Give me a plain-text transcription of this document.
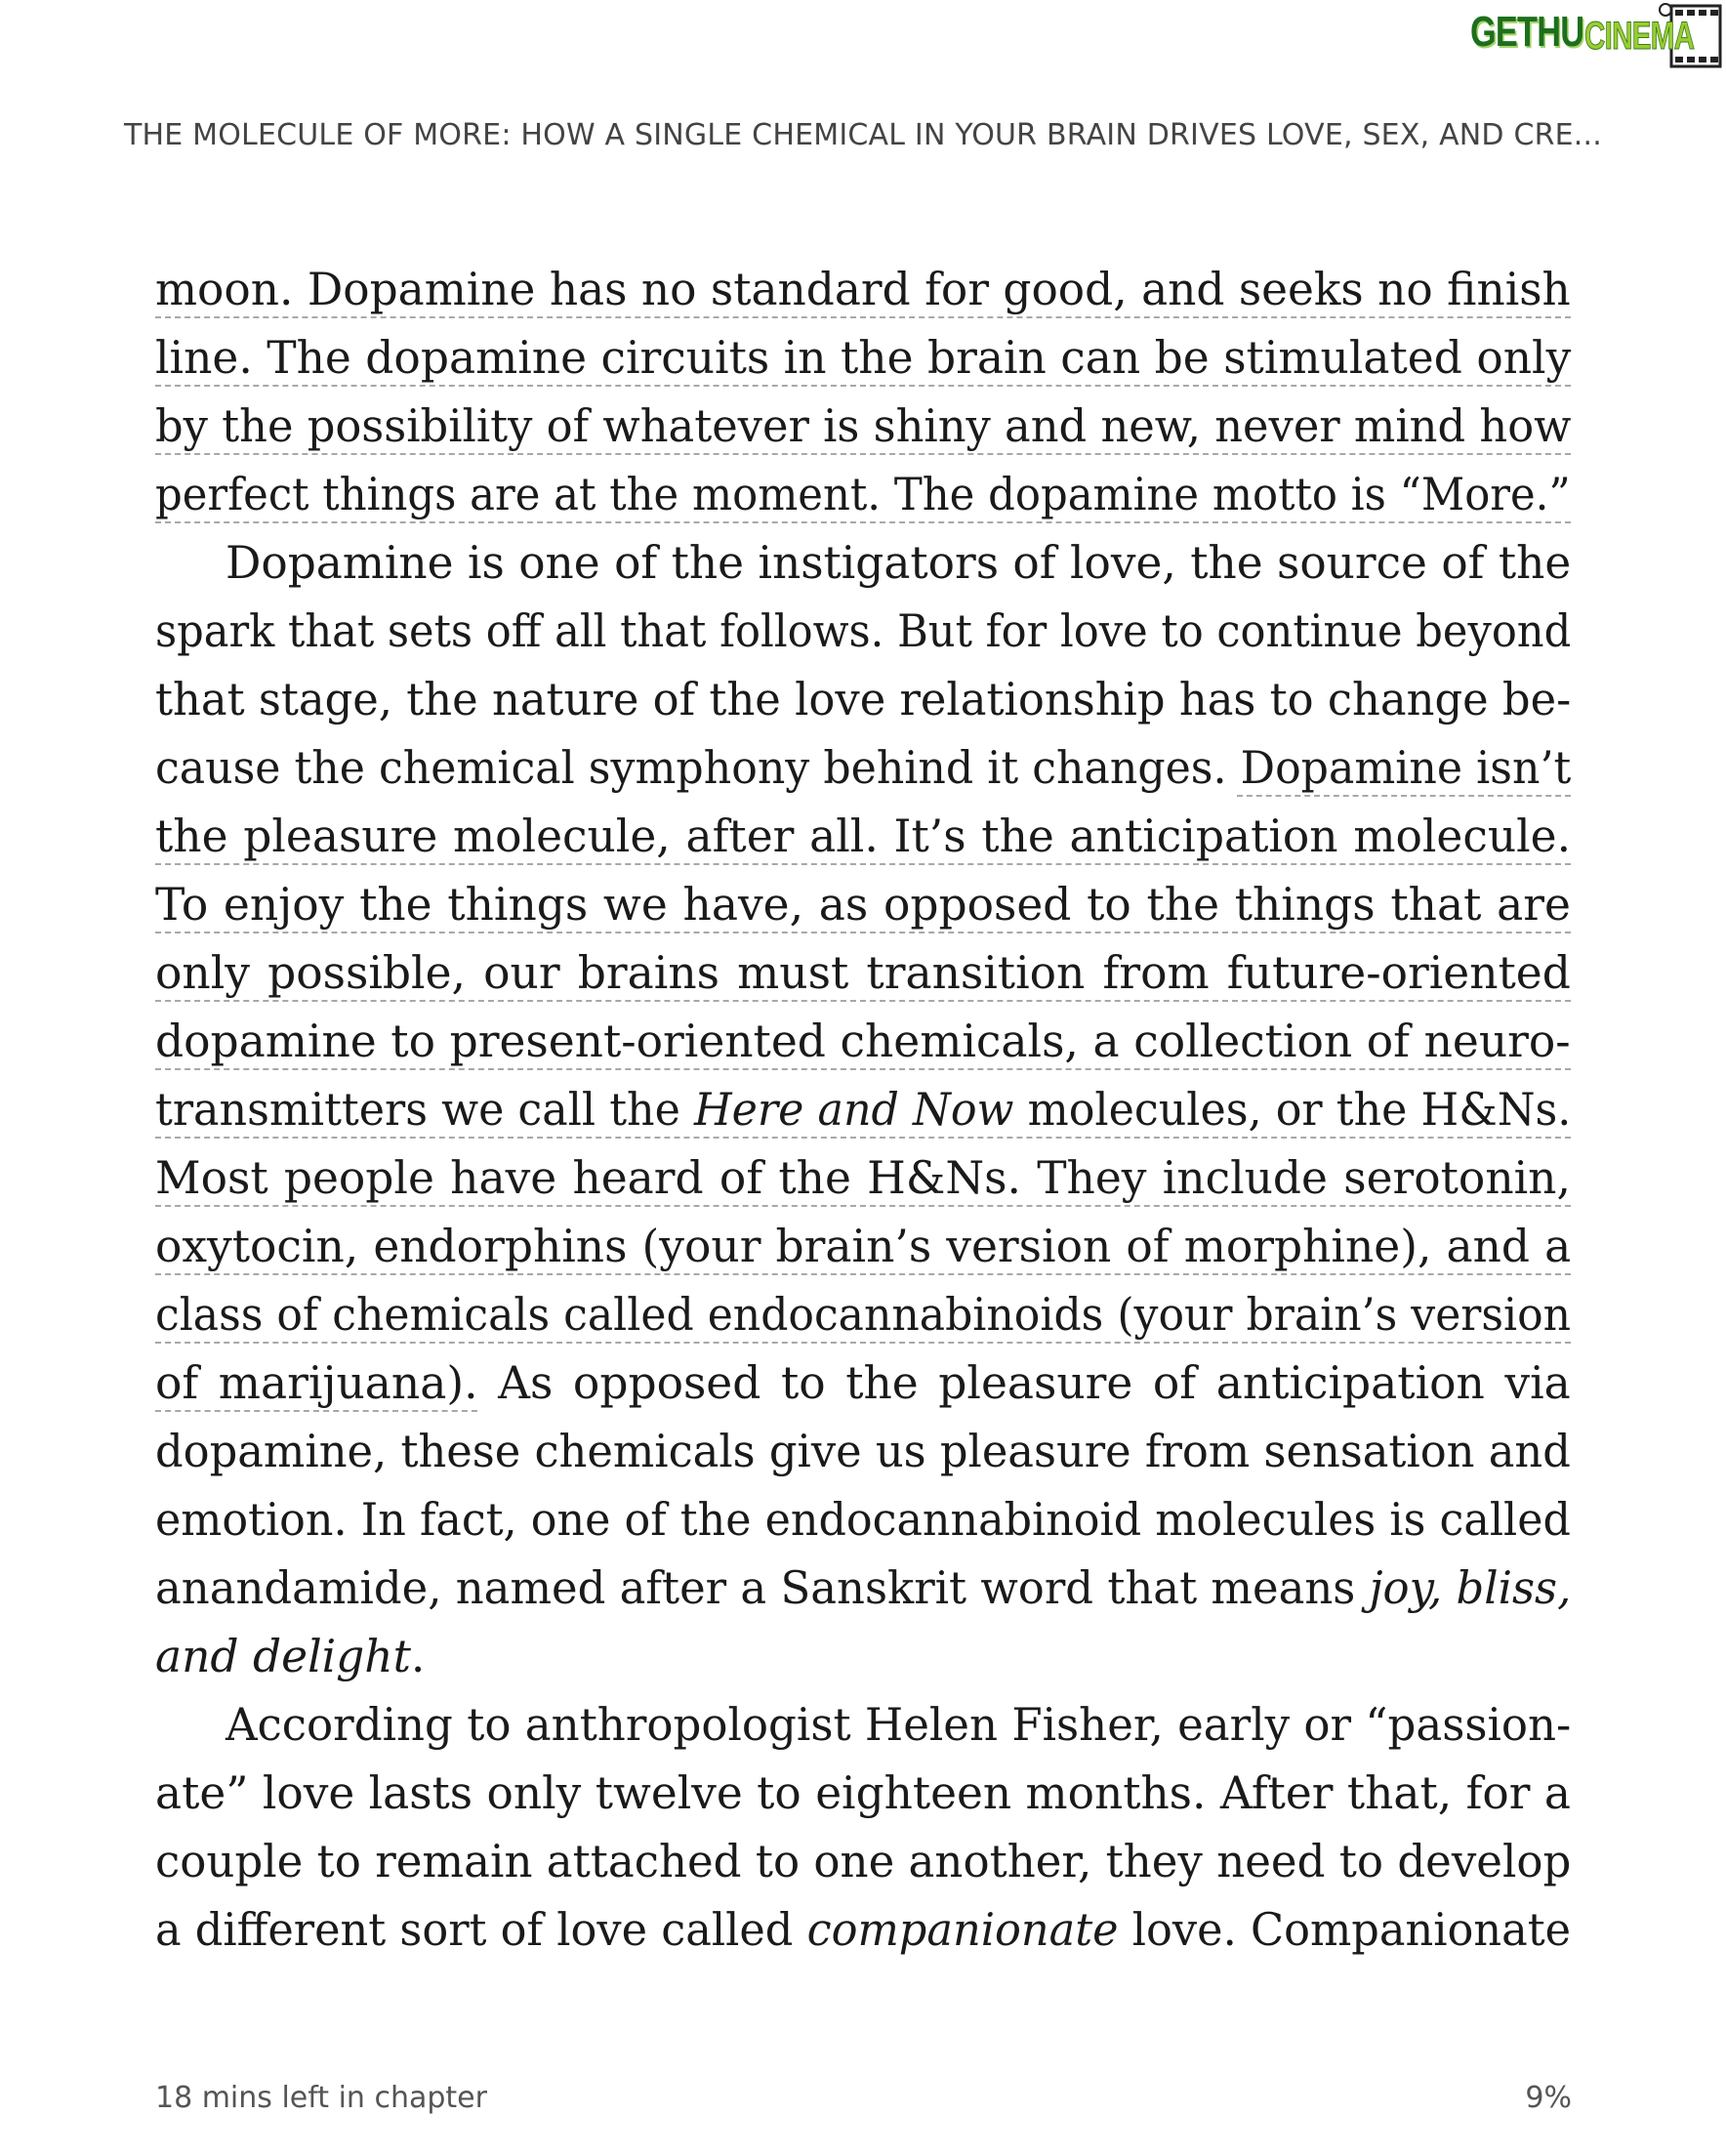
GETHU CINEMA
THE MOLECULE OF MORE: HOW A SINGLE CHEMICAL IN YOUR BRAIN DRIVES LOVE, SEX, AND CRE...
moon. Dopamine has no standard for good, and seeks no finish
line. The dopamine circuits in the brain can be stimulated only
by the possibility of whatever is shiny and new, never mind how
perfect things are at the moment. The dopamine motto is “More.”
Dopamine is one of the instigators of love, the source of the
spark that sets off all that follows. But for love to continue beyond
that stage, the nature of the love relationship has to change be-
cause the chemical symphony behind it changes. Dopamine isn’t
the pleasure molecule, after all. It’s the anticipation molecule.
To enjoy the things we have, as opposed to the things that are
only possible, our brains must transition from future-oriented
dopamine to present-oriented chemicals, a collection of neuro-
transmitters we call the Here and Now molecules, or the H&Ns.
Most people have heard of the H&Ns. They include serotonin,
oxytocin, endorphins (your brain’s version of morphine), and a
class of chemicals called endocannabinoids (your brain’s version
of marijuana). As opposed to the pleasure of anticipation via
dopamine, these chemicals give us pleasure from sensation and
emotion. In fact, one of the endocannabinoid molecules is called
anandamide, named after a Sanskrit word that means joy, bliss,
and delight.
According to anthropologist Helen Fisher, early or “passion-
ate” love lasts only twelve to eighteen months. After that, for a
couple to remain attached to one another, they need to develop
a different sort of love called companionate love. Companionate
18 mins left in chapter	9%
